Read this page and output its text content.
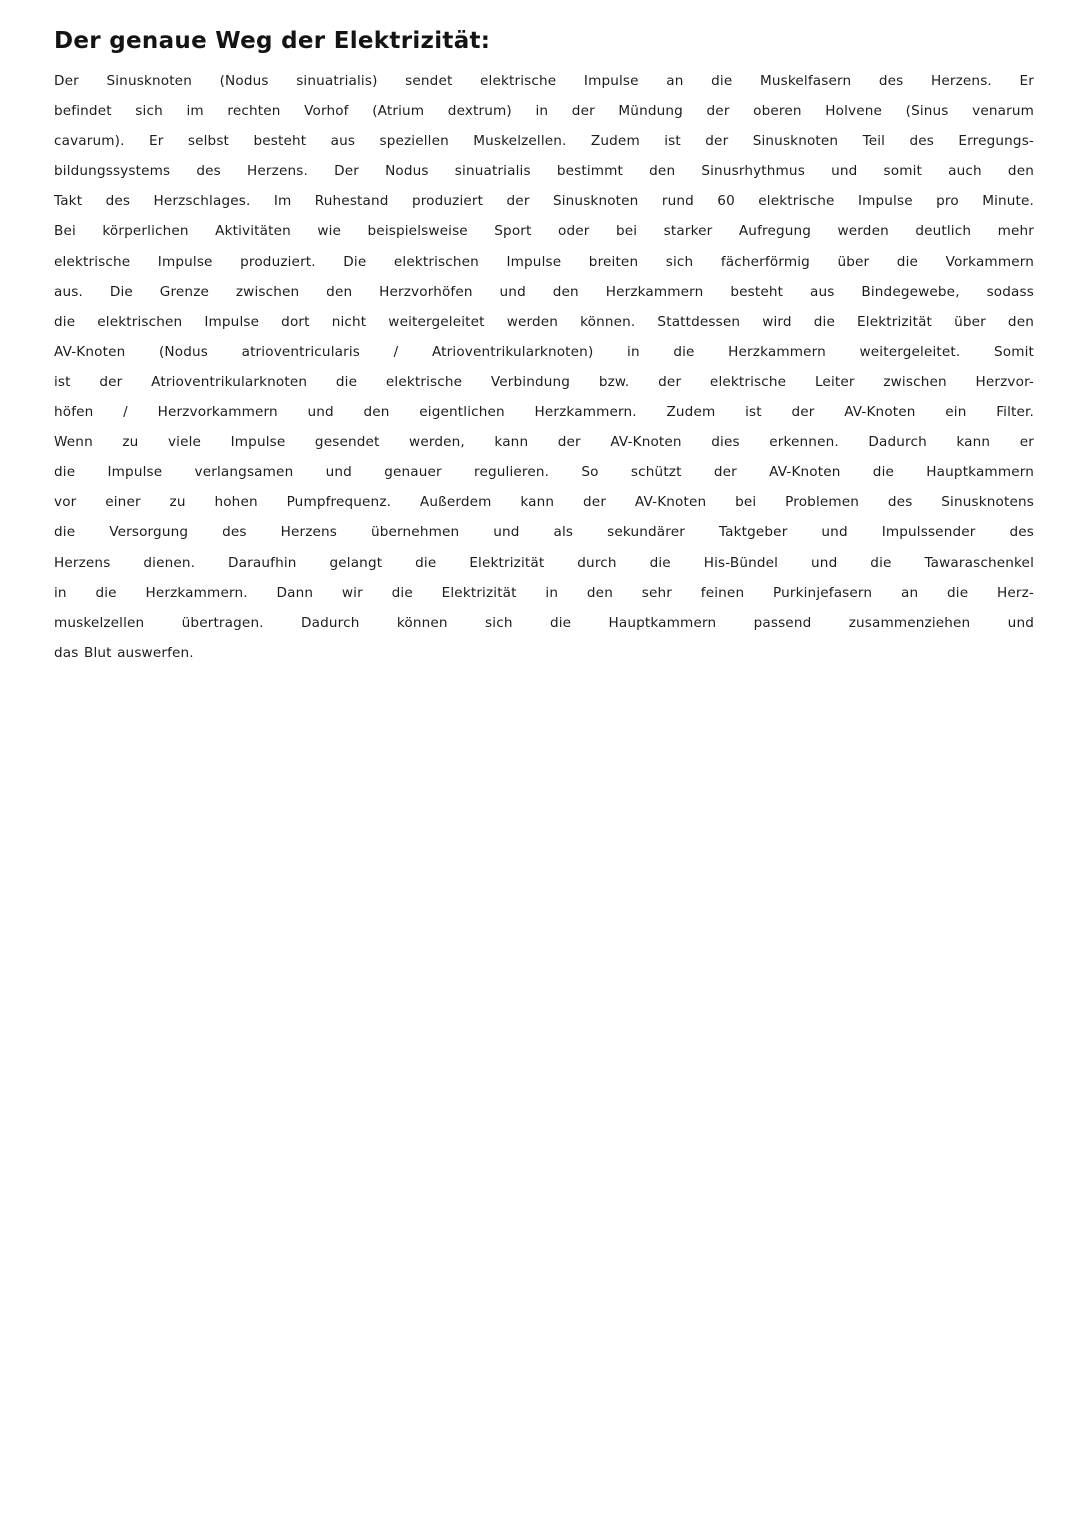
Der genaue Weg der Elektrizität:
Der Sinusknoten (Nodus sinuatrialis) sendet elektrische Impulse an die Muskelfasern des Herzens. Er
befindet sich im rechten Vorhof (Atrium dextrum) in der Mündung der oberen Holvene (Sinus venarum
cavarum). Er selbst besteht aus speziellen Muskelzellen. Zudem ist der Sinusknoten Teil des Erregungs-
bildungssystems des Herzens. Der Nodus sinuatrialis bestimmt den Sinusrhythmus und somit auch den
Takt des Herzschlages. Im Ruhestand produziert der Sinusknoten rund 60 elektrische Impulse pro Minute.
Bei körperlichen Aktivitäten wie beispielsweise Sport oder bei starker Aufregung werden deutlich mehr
elektrische Impulse produziert. Die elektrischen Impulse breiten sich fächerförmig über die Vorkammern
aus. Die Grenze zwischen den Herzvorhöfen und den Herzkammern besteht aus Bindegewebe, sodass
die elektrischen Impulse dort nicht weitergeleitet werden können. Stattdessen wird die Elektrizität über den
AV-Knoten (Nodus atrioventricularis / Atrioventrikularknoten) in die Herzkammern weitergeleitet. Somit
ist der Atrioventrikularknoten die elektrische Verbindung bzw. der elektrische Leiter zwischen Herzvor-
höfen / Herzvorkammern und den eigentlichen Herzkammern. Zudem ist der AV-Knoten ein Filter.
Wenn zu viele Impulse gesendet werden, kann der AV-Knoten dies erkennen. Dadurch kann er
die Impulse verlangsamen und genauer regulieren. So schützt der AV-Knoten die Hauptkammern
vor einer zu hohen Pumpfrequenz. Außerdem kann der AV-Knoten bei Problemen des Sinusknotens
die Versorgung des Herzens übernehmen und als sekundärer Taktgeber und Impulssender des
Herzens dienen. Daraufhin gelangt die Elektrizität durch die His-Bündel und die Tawaraschenkel
in die Herzkammern. Dann wir die Elektrizität in den sehr feinen Purkinjefasern an die Herz-
muskelzellen übertragen. Dadurch können sich die Hauptkammern passend zusammenziehen und
das Blut auswerfen.
